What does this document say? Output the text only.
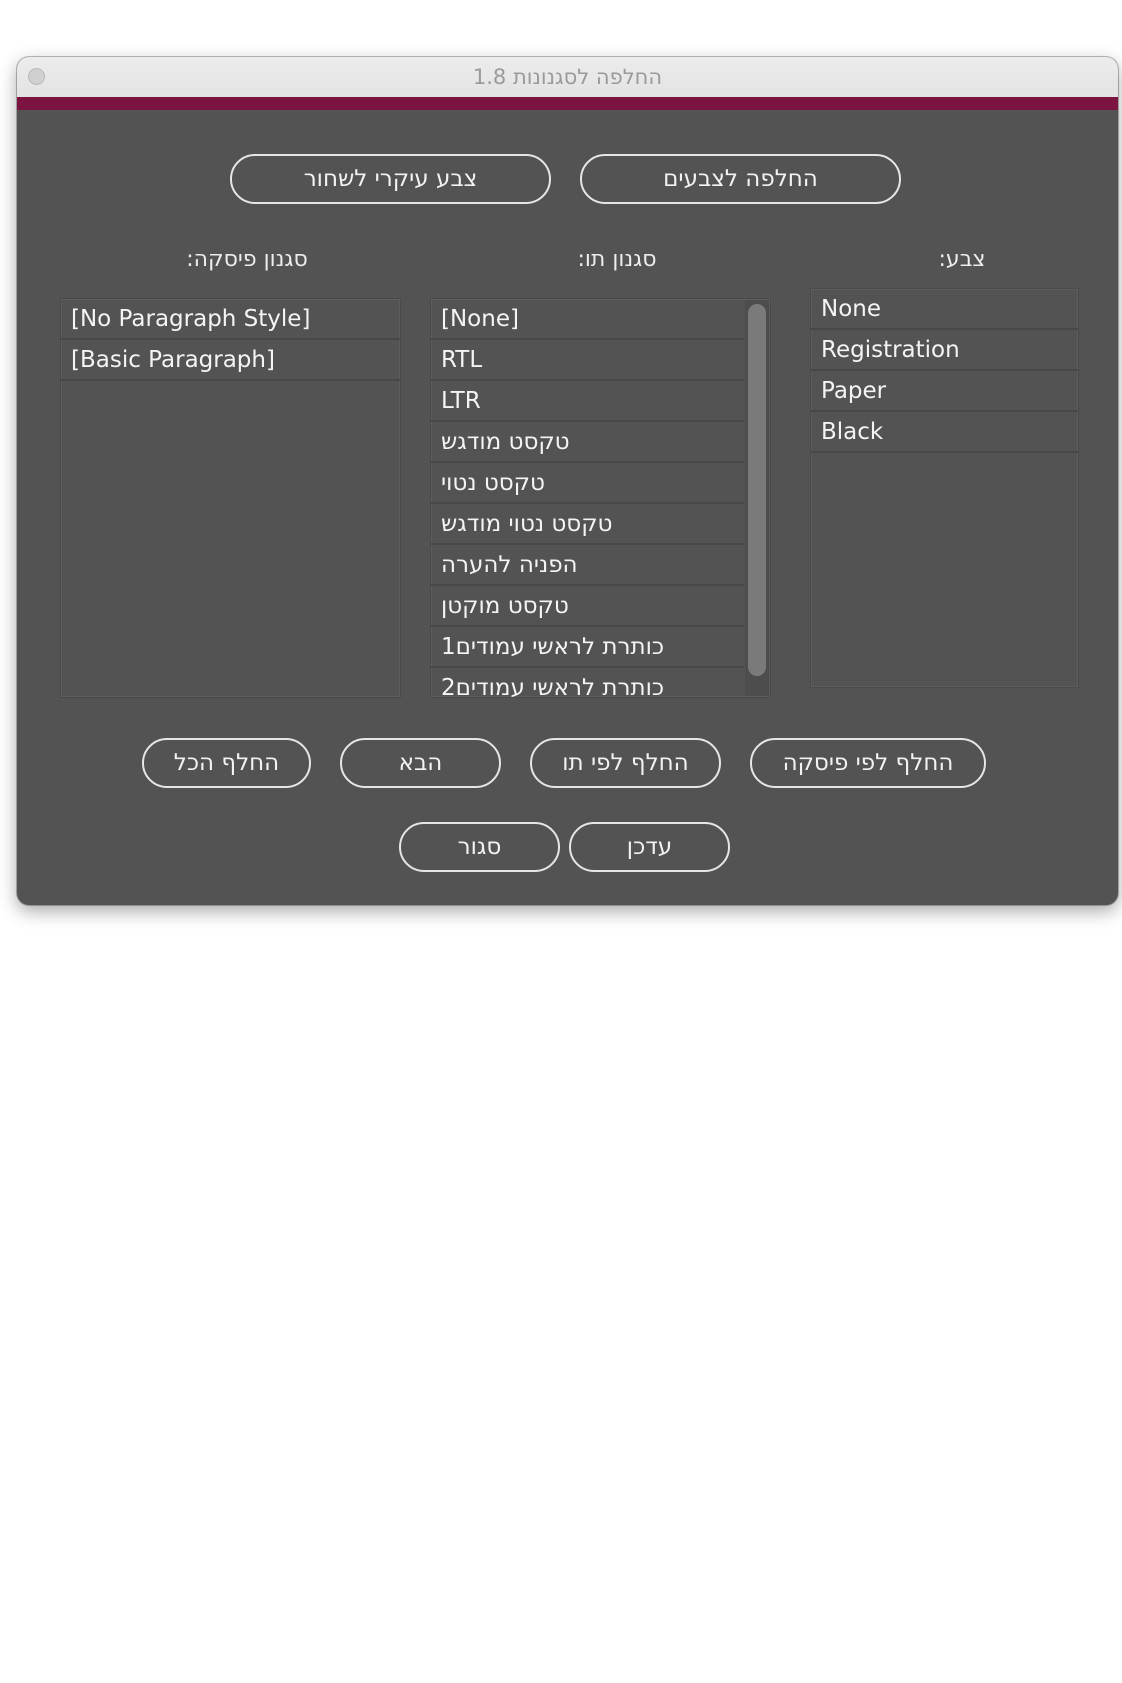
החלפה לסגנונות 1.8
החלפה לצבעים
צבע עיקרי לשחור
צבע:
סגנון תו:
סגנון פיסקה:
None
Registration
Paper
Black
[None]
RTL
LTR
טקסט מודגש
טקסט נטוי
טקסט נטוי מודגש
הפניה להערה
טקסט מוקטן
כותרת לראשי עמודים1
כותרת לראשי עמודים2
[No Paragraph Style]
[Basic Paragraph]
החלף לפי פיסקה
החלף לפי תו
הבא
החלף הכל
עדכן
סגור
